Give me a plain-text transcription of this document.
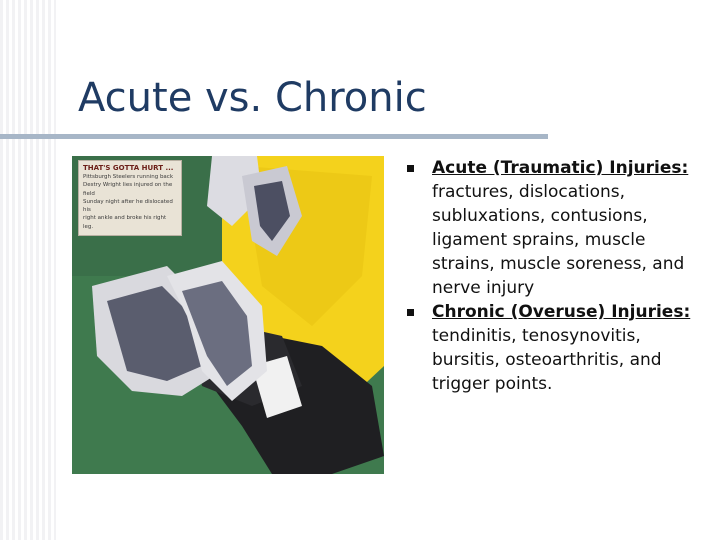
Acute vs. Chronic
THAT'S GOTTA HURT ...
Pittsburgh Steelers running back
Destry Wright lies injured on the field
Sunday night after he dislocated his
right ankle and broke his right leg.
Acute (Traumatic) Injuries: fractures, dislocations, subluxations, contusions, ligament sprains, muscle strains, muscle soreness, and nerve injury
Chronic (Overuse) Injuries: tendinitis, tenosynovitis, bursitis, osteoarthritis, and trigger points.
